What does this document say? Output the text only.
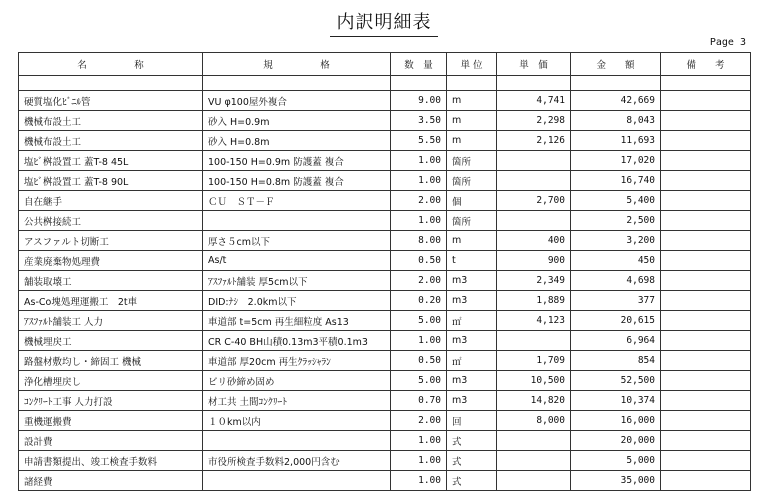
内訳明細表
Page 3
名　　　　　称	規　　　　　格	数　量	単 位	単　価	金　　額	備　　考

硬質塩化ﾋﾞﾆﾙ管	VU φ100屋外複合	9.00	m	4,741	42,669	
機械布設土工	砂入 H=0.9m	3.50	m	2,298	8,043	
機械布設土工	砂入 H=0.8m	5.50	m	2,126	11,693	
塩ﾋﾞ桝設置工 蓋T-8 45L	100-150 H=0.9m 防護蓋 複合	1.00	箇所		17,020	
塩ﾋﾞ桝設置工 蓋T-8 90L	100-150 H=0.8m 防護蓋 複合	1.00	箇所		16,740	
自在継手	ＣＵ　ＳＴ－Ｆ	2.00	個	2,700	5,400	
公共桝接続工		1.00	箇所		2,500	
アスファルト切断工	厚さ５cm以下	8.00	m	400	3,200	
産業廃棄物処理費	As/t	0.50	t	900	450	
舗装取壊工	ｱｽﾌｧﾙﾄ舗装 厚5cm以下	2.00	m3	2,349	4,698	
As-Co塊処理運搬工　2t車	DID:ﾅｼ　2.0km以下	0.20	m3	1,889	377	
ｱｽﾌｧﾙﾄ舗装工 人力	車道部 t=5cm 再生細粒度 As13	5.00	㎡	4,123	20,615	
機械埋戻工	CR C-40 BH山積0.13m3平積0.1m3	1.00	m3		6,964	
路盤材敷均し・締固工 機械	車道部 厚20cm 再生ｸﾗｯｼｬﾗﾝ	0.50	㎡	1,709	854	
浄化槽埋戻し	ビリ砂締め固め	5.00	m3	10,500	52,500	
ｺﾝｸﾘｰﾄ工事 人力打設	材工共 土間ｺﾝｸﾘｰﾄ	0.70	m3	14,820	10,374	
重機運搬費	１０km以内	2.00	回	8,000	16,000	
設計費		1.00	式		20,000	
申請書類提出、竣工検査手数料	市役所検査手数料2,000円含む	1.00	式		5,000	
諸経費		1.00	式		35,000	
